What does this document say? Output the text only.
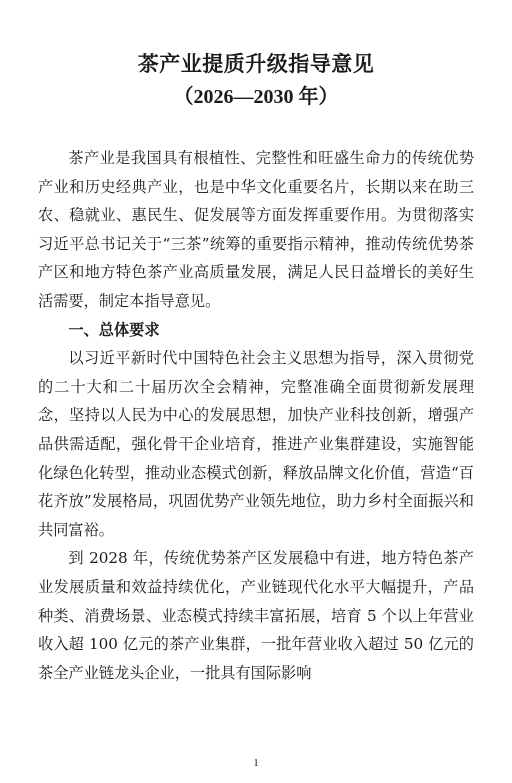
茶产业提质升级指导意见
（2026—2030 年）

茶产业是我国具有根植性、完整性和旺盛生命力的传统优势产业和历史经典产业，也是中华文化重要名片，长期以来在助三农、稳就业、惠民生、促发展等方面发挥重要作用。为贯彻落实习近平总书记关于“三茶”统筹的重要指示精神，推动传统优势茶产区和地方特色茶产业高质量发展，满足人民日益增长的美好生活需要，制定本指导意见。

一、总体要求

以习近平新时代中国特色社会主义思想为指导，深入贯彻党的二十大和二十届历次全会精神，完整准确全面贯彻新发展理念，坚持以人民为中心的发展思想，加快产业科技创新，增强产品供需适配，强化骨干企业培育，推进产业集群建设，实施智能化绿色化转型，推动业态模式创新，释放品牌文化价值，营造“百花齐放”发展格局，巩固优势产业领先地位，助力乡村全面振兴和共同富裕。

到 2028 年，传统优势茶产区发展稳中有进，地方特色茶产业发展质量和效益持续优化，产业链现代化水平大幅提升，产品种类、消费场景、业态模式持续丰富拓展，培育 5 个以上年营业收入超 100 亿元的茶产业集群，一批年营业收入超过 50 亿元的茶全产业链龙头企业，一批具有国际影响

1
